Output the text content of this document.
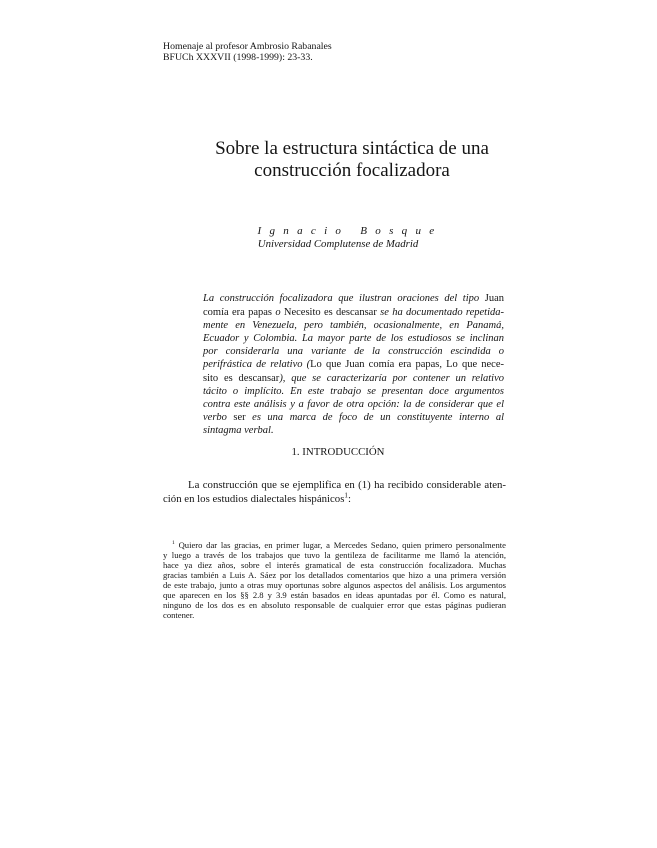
Homenaje al profesor Ambrosio Rabanales
BFUCh XXXVII (1998-1999): 23-33.
Sobre la estructura sintáctica de una
construcción focalizadora
Ignacio Bosque
Universidad Complutense de Madrid
La construcción focalizadora que ilustran oraciones del tipo Juan
comía era papas o Necesito es descansar se ha documentado repetida-
mente en Venezuela, pero también, ocasionalmente, en Panamá,
Ecuador y Colombia. La mayor parte de los estudiosos se inclinan
por considerarla una variante de la construcción escindida o
perifrástica de relativo (Lo que Juan comía era papas, Lo que nece-
sito es descansar), que se caracterizaría por contener un relativo
tácito o implícito. En este trabajo se presentan doce argumentos
contra este análisis y a favor de otra opción: la de considerar que el
verbo ser es una marca de foco de un constituyente interno al
sintagma verbal.
1. INTRODUCCIÓN
La construcción que se ejemplifica en (1) ha recibido considerable aten-
ción en los estudios dialectales hispánicos$^1$:
$^1$ Quiero dar las gracias, en primer lugar, a Mercedes Sedano, quien primero personalmente
y luego a través de los trabajos que tuvo la gentileza de facilitarme me llamó la atención,
hace ya diez años, sobre el interés gramatical de esta construcción focalizadora. Muchas
gracias también a Luis A. Sáez por los detallados comentarios que hizo a una primera versión
de este trabajo, junto a otras muy oportunas sobre algunos aspectos del análisis. Los argumentos
que aparecen en los §§ 2.8 y 3.9 están basados en ideas apuntadas por él. Como es natural,
ninguno de los dos es en absoluto responsable de cualquier error que estas páginas pudieran
contener.
